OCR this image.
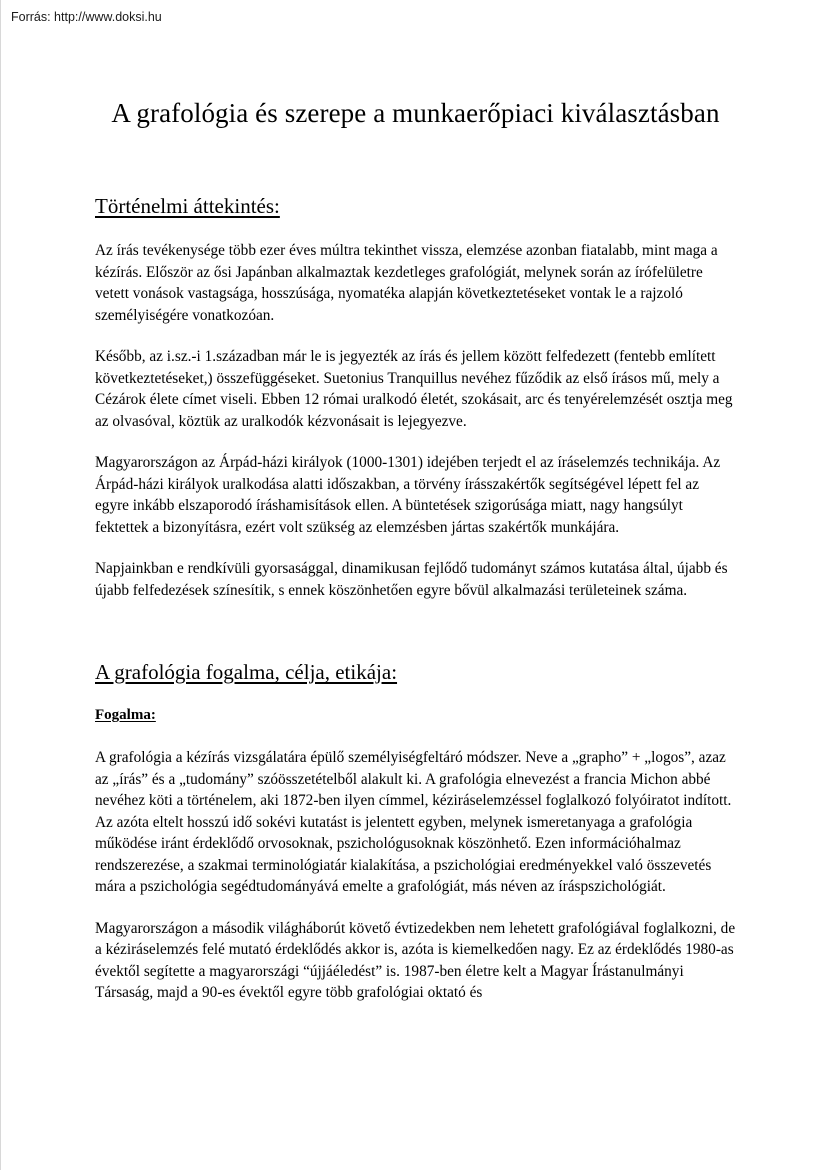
Forrás: http://www.doksi.hu
A grafológia és szerepe a munkaerőpiaci kiválasztásban
Történelmi áttekintés:

Az írás tevékenysége több ezer éves múltra tekinthet vissza, elemzése azonban fiatalabb, mint maga a kézírás. Először az ősi Japánban alkalmaztak kezdetleges grafológiát, melynek során az írófelületre vetett vonások vastagsága, hosszúsága, nyomatéka alapján következtetéseket vontak le a rajzoló személyiségére vonatkozóan.

Később, az i.sz.-i 1.században már le is jegyezték az írás és jellem között felfedezett (fentebb említett következtetéseket,) összefüggéseket. Suetonius Tranquillus nevéhez fűződik az első írásos mű, mely a Cézárok élete címet viseli. Ebben 12 római uralkodó életét, szokásait, arc és tenyérelemzését osztja meg az olvasóval, köztük az uralkodók kézvonásait is lejegyezve.

Magyarországon az Árpád-házi királyok (1000-1301) idejében terjedt el az íráselemzés technikája. Az Árpád-házi királyok uralkodása alatti időszakban, a törvény írásszakértők segítségével lépett fel az egyre inkább elszaporodó íráshamisítások ellen. A büntetések szigorúsága miatt, nagy hangsúlyt fektettek a bizonyításra, ezért volt szükség az elemzésben jártas szakértők munkájára.

Napjainkban e rendkívüli gyorsasággal, dinamikusan fejlődő tudományt számos kutatása által, újabb és újabb felfedezések színesítik, s ennek köszönhetően egyre bővül alkalmazási területeinek száma.

A grafológia fogalma, célja, etikája:
Fogalma:

A grafológia a kézírás vizsgálatára épülő személyiségfeltáró módszer. Neve a „grapho” + „logos”, azaz az „írás” és a „tudomány” szóösszetételből alakult ki. A grafológia elnevezést a francia Michon abbé nevéhez köti a történelem, aki 1872-ben ilyen címmel, kéziráselemzéssel foglalkozó folyóiratot indított.

Az azóta eltelt hosszú idő sokévi kutatást is jelentett egyben, melynek ismeretanyaga a grafológia működése iránt érdeklődő orvosoknak, pszichológusoknak köszönhető. Ezen információhalmaz rendszerezése, a szakmai terminológiatár kialakítása, a pszichológiai eredményekkel való összevetés mára a pszichológia segédtudományává emelte a grafológiát, más néven az íráspszichológiát.

Magyarországon a második világháborút követő évtizedekben nem lehetett grafológiával foglalkozni, de a kéziráselemzés felé mutató érdeklődés akkor is, azóta is kiemelkedően nagy. Ez az érdeklődés 1980-as évektől segítette a magyarországi “újjáéledést” is. 1987-ben életre kelt a Magyar Írástanulmányi Társaság, majd a 90-es évektől egyre több grafológiai oktató és
